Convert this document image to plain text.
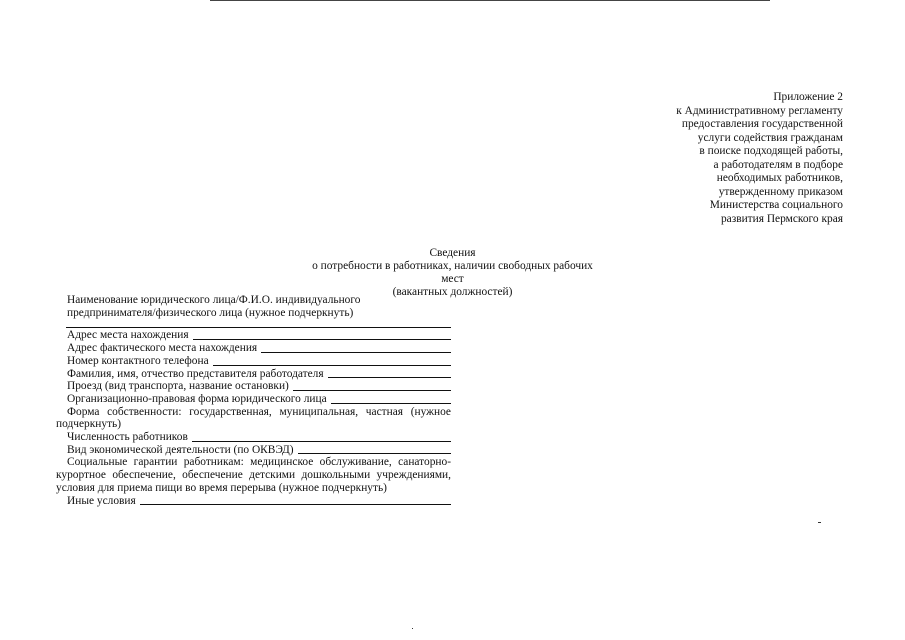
Приложение 2
к Административному регламенту
предоставления государственной
услуги содействия гражданам
в поиске подходящей работы,
а работодателям в подборе
необходимых работников,
утвержденному приказом
Министерства социального
развития Пермского края
Сведения
о потребности в работниках, наличии свободных рабочих мест
(вакантных должностей)
Наименование юридического лица/Ф.И.О. индивидуального
предпринимателя/физического лица (нужное подчеркнуть)
Адрес места нахождения
Адрес фактического места нахождения
Номер контактного телефона
Фамилия, имя, отчество представителя работодателя
Проезд (вид транспорта, название остановки)
Организационно-правовая форма юридического лица
Форма собственности: государственная, муниципальная, частная (нужное подчеркнуть)
Численность работников
Вид экономической деятельности (по ОКВЭД)
Социальные гарантии работникам: медицинское обслуживание, санаторно-курортное обеспечение, обеспечение детскими дошкольными учреждениями, условия для приема пищи во время перерыва (нужное подчеркнуть)
Иные условия
